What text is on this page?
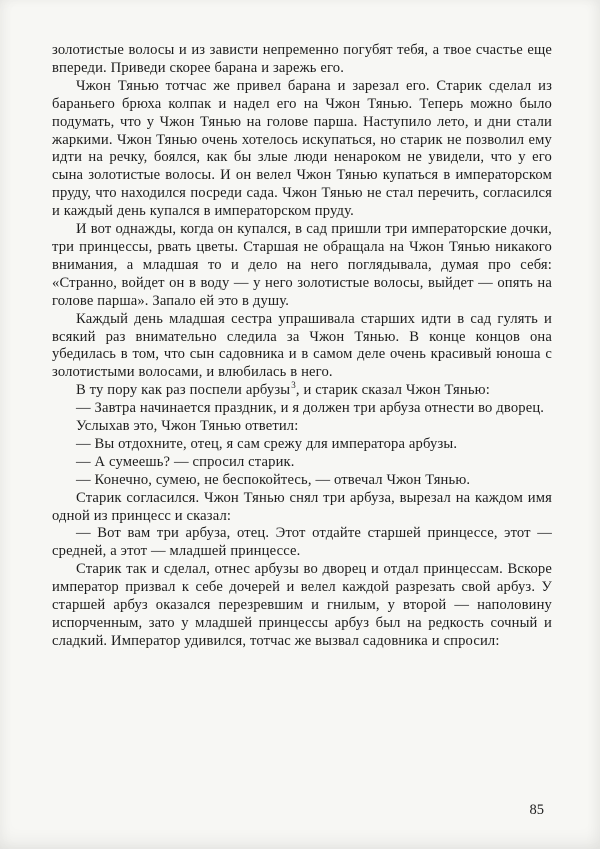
золотистые волосы и из зависти непременно погубят тебя, а твое счастье еще впереди. Приведи скорее барана и зарежь его.

Чжон Тянью тотчас же привел барана и зарезал его. Старик сделал из бараньего брюха колпак и надел его на Чжон Тянью. Теперь можно было подумать, что у Чжон Тянью на голове парша. Наступило лето, и дни стали жаркими. Чжон Тянью очень хотелось искупаться, но старик не позволил ему идти на речку, боялся, как бы злые люди ненароком не увидели, что у его сына золотистые волосы. И он велел Чжон Тянью купаться в императорском пруду, что находился посреди сада. Чжон Тянью не стал перечить, согласился и каждый день купался в императорском пруду.

И вот однажды, когда он купался, в сад пришли три императорские дочки, три принцессы, рвать цветы. Старшая не обращала на Чжон Тянью никакого внимания, а младшая то и дело на него поглядывала, думая про себя: «Странно, войдет он в воду — у него золотистые волосы, выйдет — опять на голове парша». Запало ей это в душу.

Каждый день младшая сестра упрашивала старших идти в сад гулять и всякий раз внимательно следила за Чжон Тянью. В конце концов она убедилась в том, что сын садовника и в самом деле очень красивый юноша с золотистыми волосами, и влюбилась в него.

В ту пору как раз поспели арбузы$^3$, и старик сказал Чжон Тянью:

— Завтра начинается праздник, и я должен три арбуза отнести во дворец.

Услыхав это, Чжон Тянью ответил:

— Вы отдохните, отец, я сам срежу для императора арбузы.

— А сумеешь? — спросил старик.

— Конечно, сумею, не беспокойтесь, — отвечал Чжон Тянью.

Старик согласился. Чжон Тянью снял три арбуза, вырезал на каждом имя одной из принцесс и сказал:

— Вот вам три арбуза, отец. Этот отдайте старшей принцессе, этот — средней, а этот — младшей принцессе.

Старик так и сделал, отнес арбузы во дворец и отдал принцессам. Вскоре император призвал к себе дочерей и велел каждой разрезать свой арбуз. У старшей арбуз оказался перезревшим и гнилым, у второй — наполовину испорченным, зато у младшей принцессы арбуз был на редкость сочный и сладкий. Император удивился, тотчас же вызвал садовника и спросил:

85
